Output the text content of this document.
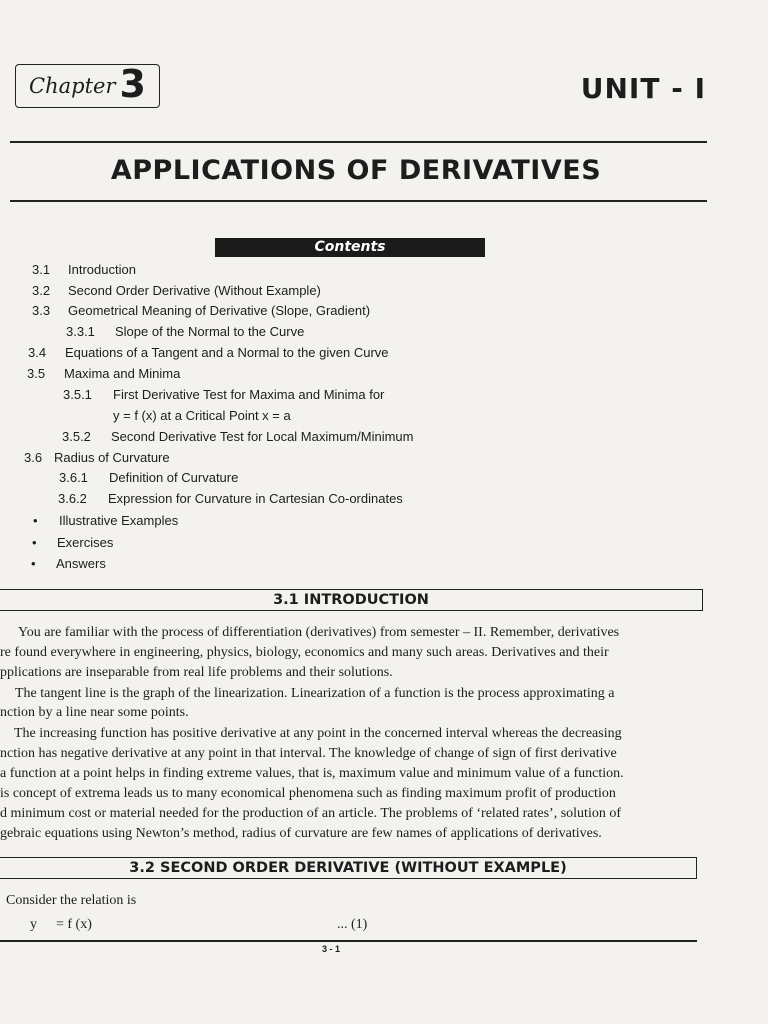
Chapter 3	UNIT - I
APPLICATIONS OF DERIVATIVES
Contents
3.1 Introduction
3.2 Second Order Derivative (Without Example)
3.3 Geometrical Meaning of Derivative (Slope, Gradient)
3.3.1 Slope of the Normal to the Curve
3.4 Equations of a Tangent and a Normal to the given Curve
3.5 Maxima and Minima
3.5.1 First Derivative Test for Maxima and Minima for
y = f (x) at a Critical Point x = a
3.5.2 Second Derivative Test for Local Maximum/Minimum
3.6 Radius of Curvature
3.6.1 Definition of Curvature
3.6.2 Expression for Curvature in Cartesian Co-ordinates
• Illustrative Examples
• Exercises
• Answers
3.1 INTRODUCTION
You are familiar with the process of differentiation (derivatives) from semester – II. Remember, derivatives
re found everywhere in engineering, physics, biology, economics and many such areas. Derivatives and their
pplications are inseparable from real life problems and their solutions.
The tangent line is the graph of the linearization. Linearization of a function is the process approximating a
nction by a line near some points.
The increasing function has positive derivative at any point in the concerned interval whereas the decreasing
nction has negative derivative at any point in that interval. The knowledge of change of sign of first derivative
a function at a point helps in finding extreme values, that is, maximum value and minimum value of a function.
is concept of extrema leads us to many economical phenomena such as finding maximum profit of production
d minimum cost or material needed for the production of an article. The problems of ‘related rates’, solution of
gebraic equations using Newton’s method, radius of curvature are few names of applications of derivatives.
3.2 SECOND ORDER DERIVATIVE (WITHOUT EXAMPLE)
Consider the relation is
y = f (x)	... (1)
3 - 1
